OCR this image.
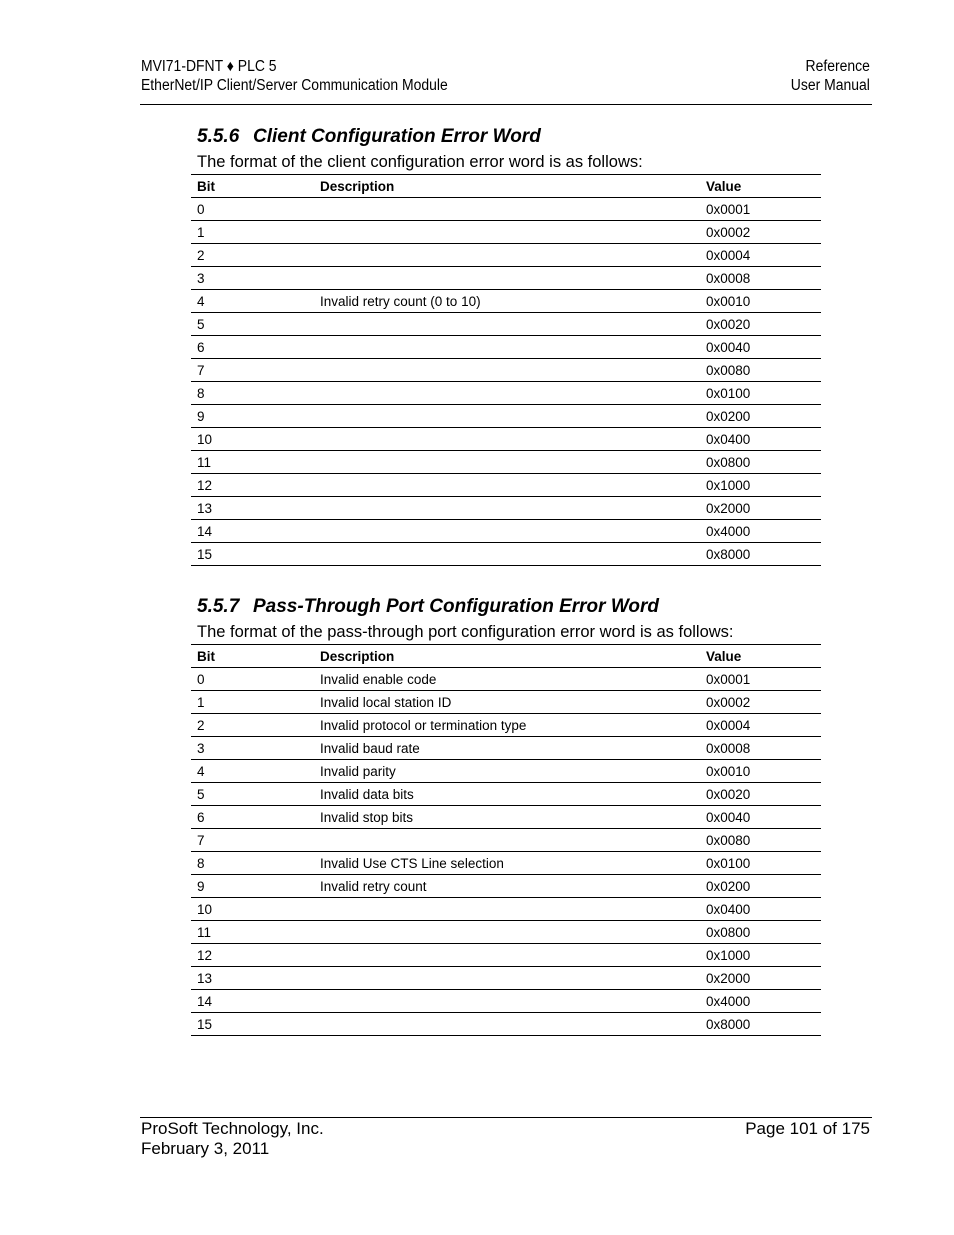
MVI71-DFNT ♦ PLC 5
EtherNet/IP Client/Server Communication Module
Reference
User Manual
5.5.6 Client Configuration Error Word

The format of the client configuration error word is as follows:

Bit	Description	Value
0		0x0001
1		0x0002
2		0x0004
3		0x0008
4	Invalid retry count (0 to 10)	0x0010
5		0x0020
6		0x0040
7		0x0080
8		0x0100
9		0x0200
10		0x0400
11		0x0800
12		0x1000
13		0x2000
14		0x4000
15		0x8000
5.5.7 Pass-Through Port Configuration Error Word

The format of the pass-through port configuration error word is as follows:

Bit	Description	Value
0	Invalid enable code	0x0001
1	Invalid local station ID	0x0002
2	Invalid protocol or termination type	0x0004
3	Invalid baud rate	0x0008
4	Invalid parity	0x0010
5	Invalid data bits	0x0020
6	Invalid stop bits	0x0040
7		0x0080
8	Invalid Use CTS Line selection	0x0100
9	Invalid retry count	0x0200
10		0x0400
11		0x0800
12		0x1000
13		0x2000
14		0x4000
15		0x8000
ProSoft Technology, Inc.
February 3, 2011
Page 101 of 175
